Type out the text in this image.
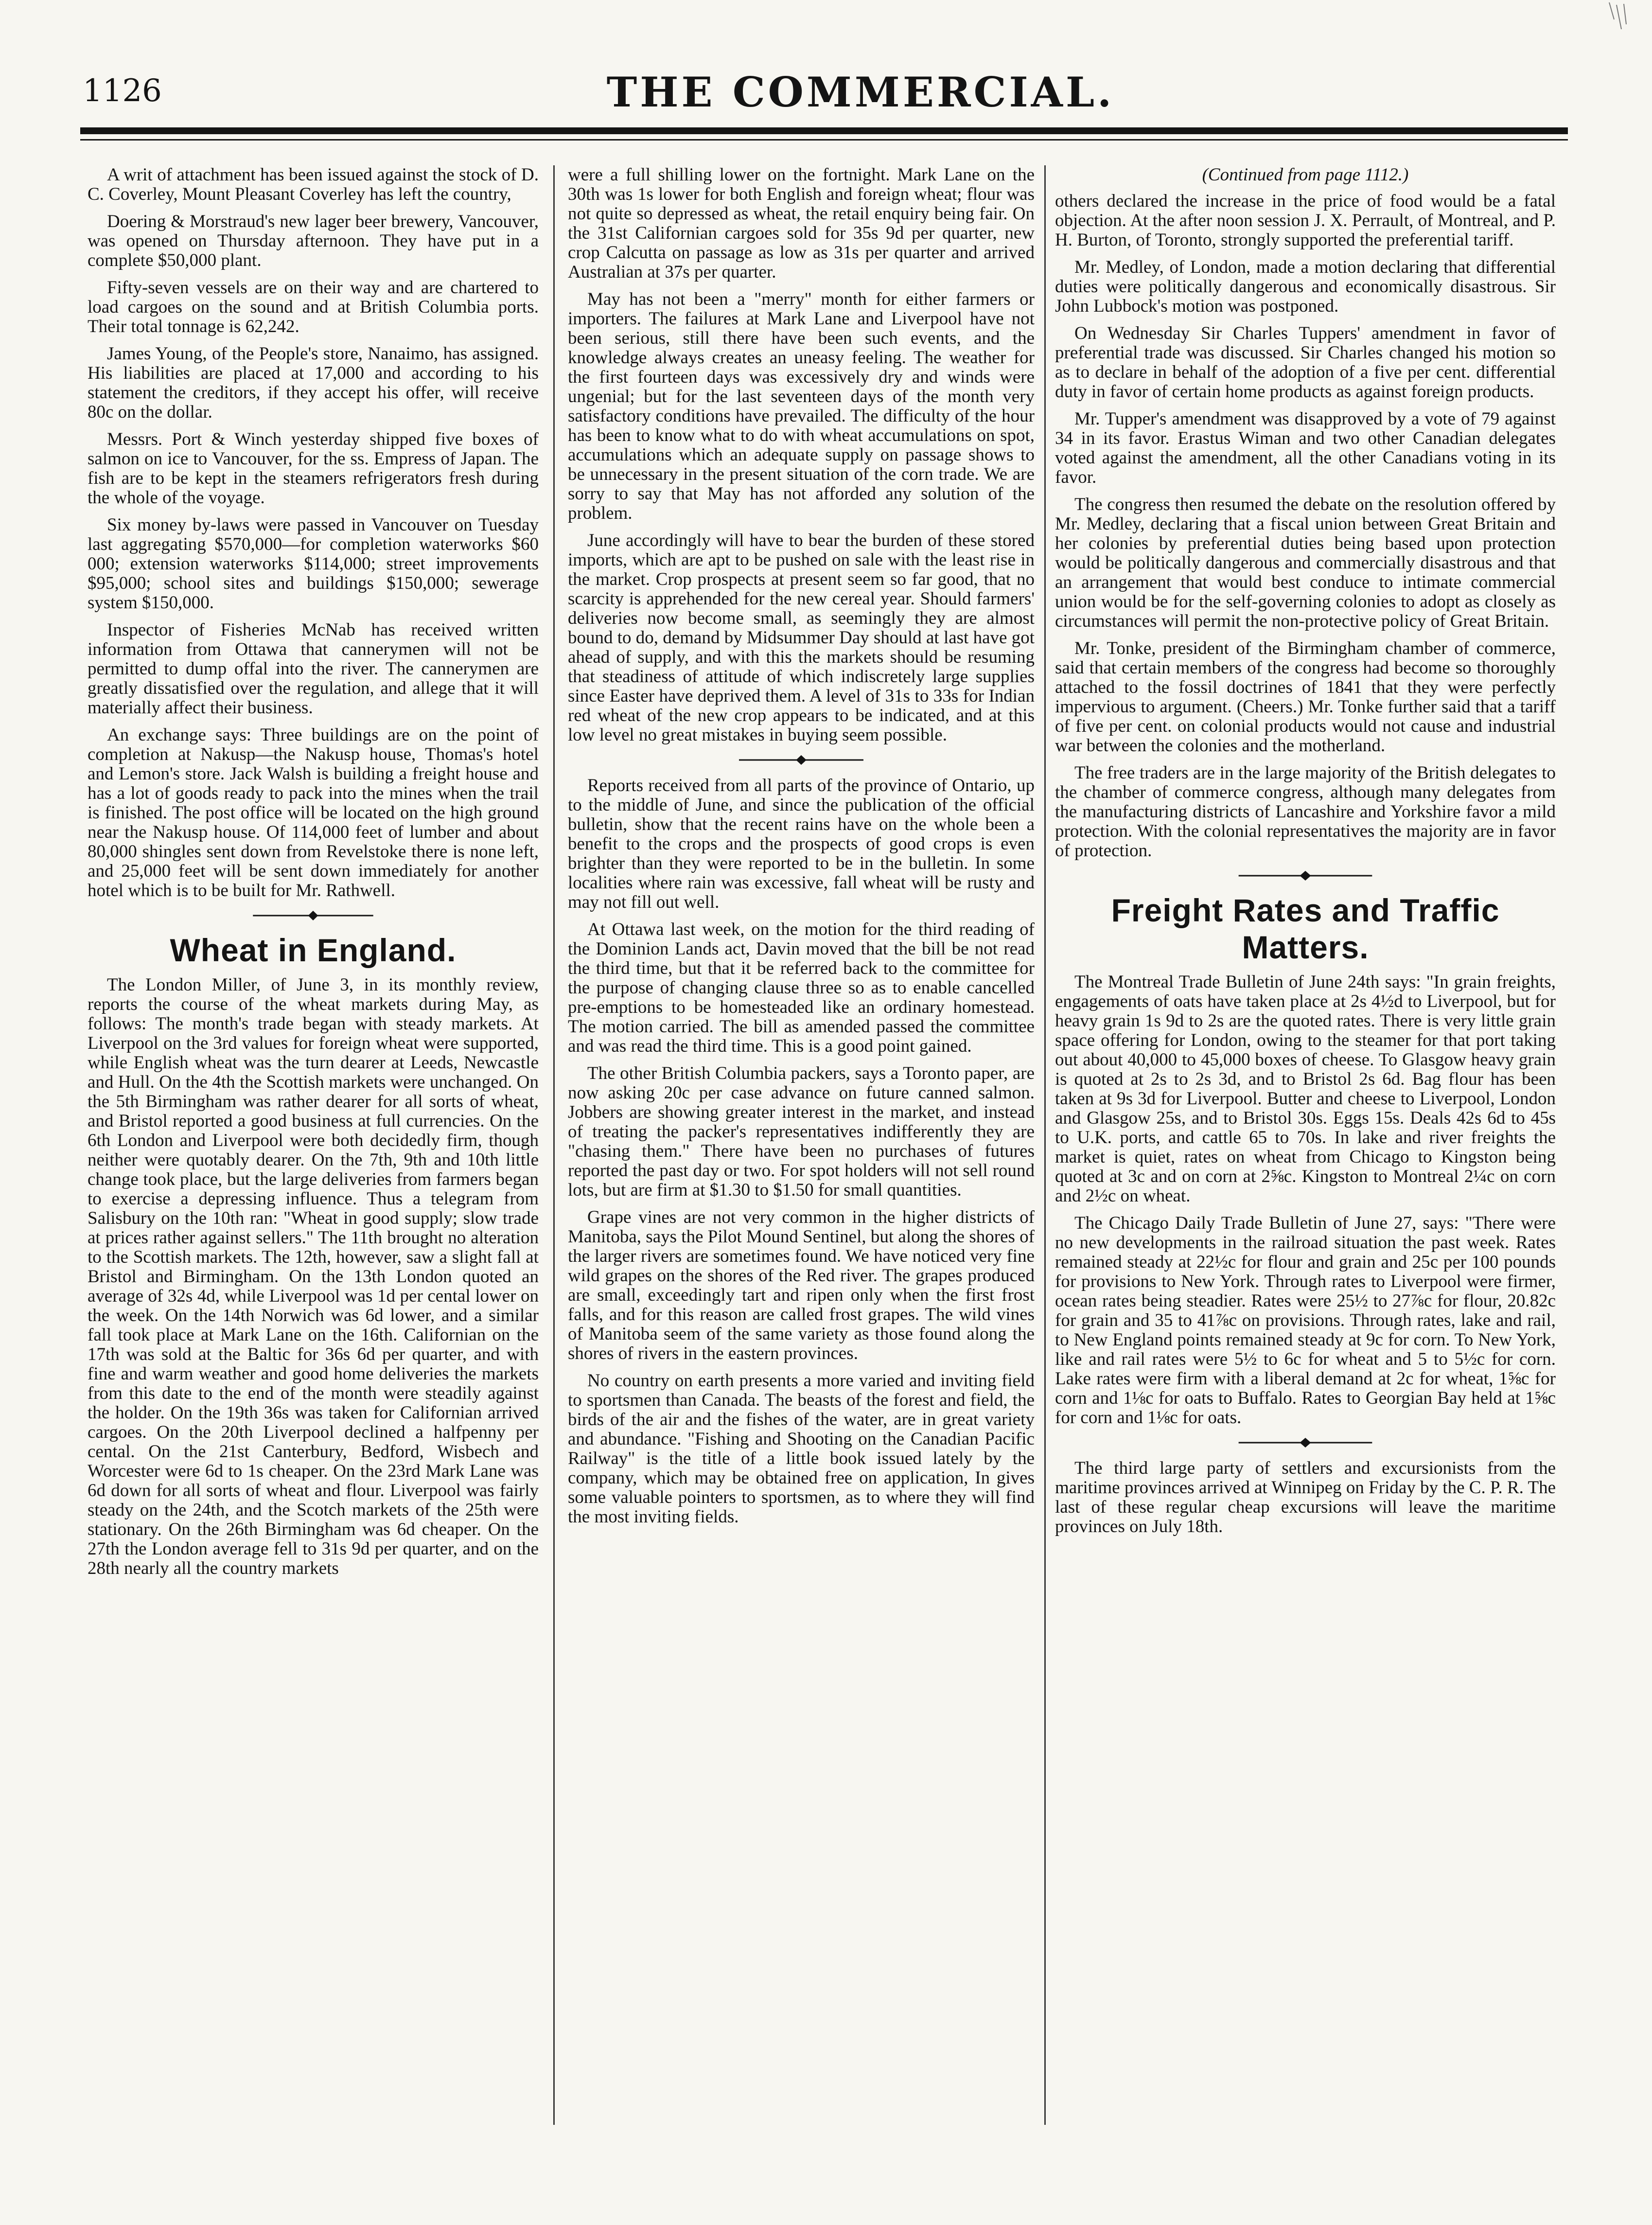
1126	THE COMMERCIAL.

A writ of attachment has been issued against the stock of D. C. Coverley, Mount Pleasant Coverley has left the country,

Doering & Morstraud's new lager beer brewery, Vancouver, was opened on Thursday afternoon. They have put in a complete $50,000 plant.

Fifty-seven vessels are on their way and are chartered to load cargoes on the sound and at British Columbia ports. Their total tonnage is 62,242.

James Young, of the People's store, Nanaimo, has assigned. His liabilities are placed at 17,000 and according to his statement the creditors, if they accept his offer, will receive 80c on the dollar.

Messrs. Port & Winch yesterday shipped five boxes of salmon on ice to Vancouver, for the ss. Empress of Japan. The fish are to be kept in the steamers refrigerators fresh during the whole of the voyage.

Six money by-laws were passed in Vancouver on Tuesday last aggregating $570,000—for completion waterworks $60 000; extension waterworks $114,000; street improvements $95,000; school sites and buildings $150,000; sewerage system $150,000.

Inspector of Fisheries McNab has received written information from Ottawa that cannerymen will not be permitted to dump offal into the river. The cannerymen are greatly dissatisfied over the regulation, and allege that it will materially affect their business.

An exchange says: Three buildings are on the point of completion at Nakusp—the Nakusp house, Thomas's hotel and Lemon's store. Jack Walsh is building a freight house and has a lot of goods ready to pack into the mines when the trail is finished. The post office will be located on the high ground near the Nakusp house. Of 114,000 feet of lumber and about 80,000 shingles sent down from Revelstoke there is none left, and 25,000 feet will be sent down immediately for another hotel which is to be built for Mr. Rathwell.

Wheat in England.

The London Miller, of June 3, in its monthly review, reports the course of the wheat markets during May, as follows: The month's trade began with steady markets. At Liverpool on the 3rd values for foreign wheat were supported, while English wheat was the turn dearer at Leeds, Newcastle and Hull. On the 4th the Scottish markets were unchanged. On the 5th Birmingham was rather dearer for all sorts of wheat, and Bristol reported a good business at full currencies. On the 6th London and Liverpool were both decidedly firm, though neither were quotably dearer. On the 7th, 9th and 10th little change took place, but the large deliveries from farmers began to exercise a depressing influence. Thus a telegram from Salisbury on the 10th ran: "Wheat in good supply; slow trade at prices rather against sellers." The 11th brought no alteration to the Scottish markets. The 12th, however, saw a slight fall at Bristol and Birmingham. On the 13th London quoted an average of 32s 4d, while Liverpool was 1d per cental lower on the week. On the 14th Norwich was 6d lower, and a similar fall took place at Mark Lane on the 16th. Californian on the 17th was sold at the Baltic for 36s 6d per quarter, and with fine and warm weather and good home deliveries the markets from this date to the end of the month were steadily against the holder. On the 19th 36s was taken for Californian arrived cargoes. On the 20th Liverpool declined a halfpenny per cental. On the 21st Canterbury, Bedford, Wisbech and Worcester were 6d to 1s cheaper. On the 23rd Mark Lane was 6d down for all sorts of wheat and flour. Liverpool was fairly steady on the 24th, and the Scotch markets of the 25th were stationary. On the 26th Birmingham was 6d cheaper. On the 27th the London average fell to 31s 9d per quarter, and on the 28th nearly all the country markets

were a full shilling lower on the fortnight. Mark Lane on the 30th was 1s lower for both English and foreign wheat; flour was not quite so depressed as wheat, the retail enquiry being fair. On the 31st Californian cargoes sold for 35s 9d per quarter, new crop Calcutta on passage as low as 31s per quarter and arrived Australian at 37s per quarter.

May has not been a "merry" month for either farmers or importers. The failures at Mark Lane and Liverpool have not been serious, still there have been such events, and the knowledge always creates an uneasy feeling. The weather for the first fourteen days was excessively dry and winds were ungenial; but for the last seventeen days of the month very satisfactory conditions have prevailed. The difficulty of the hour has been to know what to do with wheat accumulations on spot, accumulations which an adequate supply on passage shows to be unnecessary in the present situation of the corn trade. We are sorry to say that May has not afforded any solution of the problem.

June accordingly will have to bear the burden of these stored imports, which are apt to be pushed on sale with the least rise in the market. Crop prospects at present seem so far good, that no scarcity is apprehended for the new cereal year. Should farmers' deliveries now become small, as seemingly they are almost bound to do, demand by Midsummer Day should at last have got ahead of supply, and with this the markets should be resuming that steadiness of attitude of which indiscretely large supplies since Easter have deprived them. A level of 31s to 33s for Indian red wheat of the new crop appears to be indicated, and at this low level no great mistakes in buying seem possible.

Reports received from all parts of the province of Ontario, up to the middle of June, and since the publication of the official bulletin, show that the recent rains have on the whole been a benefit to the crops and the prospects of good crops is even brighter than they were reported to be in the bulletin. In some localities where rain was excessive, fall wheat will be rusty and may not fill out well.

At Ottawa last week, on the motion for the third reading of the Dominion Lands act, Davin moved that the bill be not read the third time, but that it be referred back to the committee for the purpose of changing clause three so as to enable cancelled pre-emptions to be homesteaded like an ordinary homestead. The motion carried. The bill as amended passed the committee and was read the third time. This is a good point gained.

The other British Columbia packers, says a Toronto paper, are now asking 20c per case advance on future canned salmon. Jobbers are showing greater interest in the market, and instead of treating the packer's representatives indifferently they are "chasing them." There have been no purchases of futures reported the past day or two. For spot holders will not sell round lots, but are firm at $1.30 to $1.50 for small quantities.

Grape vines are not very common in the higher districts of Manitoba, says the Pilot Mound Sentinel, but along the shores of the larger rivers are sometimes found. We have noticed very fine wild grapes on the shores of the Red river. The grapes produced are small, exceedingly tart and ripen only when the first frost falls, and for this reason are called frost grapes. The wild vines of Manitoba seem of the same variety as those found along the shores of rivers in the eastern provinces.

No country on earth presents a more varied and inviting field to sportsmen than Canada. The beasts of the forest and field, the birds of the air and the fishes of the water, are in great variety and abundance. "Fishing and Shooting on the Canadian Pacific Railway" is the title of a little book issued lately by the company, which may be obtained free on application, In gives some valuable pointers to sportsmen, as to where they will find the most inviting fields.

(Continued from page 1112.)

others declared the increase in the price of food would be a fatal objection. At the after noon session J. X. Perrault, of Montreal, and P. H. Burton, of Toronto, strongly supported the preferential tariff.

Mr. Medley, of London, made a motion declaring that differential duties were politically dangerous and economically disastrous. Sir John Lubbock's motion was postponed.

On Wednesday Sir Charles Tuppers' amendment in favor of preferential trade was discussed. Sir Charles changed his motion so as to declare in behalf of the adoption of a five per cent. differential duty in favor of certain home products as against foreign products.

Mr. Tupper's amendment was disapproved by a vote of 79 against 34 in its favor. Erastus Wiman and two other Canadian delegates voted against the amendment, all the other Canadians voting in its favor.

The congress then resumed the debate on the resolution offered by Mr. Medley, declaring that a fiscal union between Great Britain and her colonies by preferential duties being based upon protection would be politically dangerous and commercially disastrous and that an arrangement that would best conduce to intimate commercial union would be for the self-governing colonies to adopt as closely as circumstances will permit the non-protective policy of Great Britain.

Mr. Tonke, president of the Birmingham chamber of commerce, said that certain members of the congress had become so thoroughly attached to the fossil doctrines of 1841 that they were perfectly impervious to argument. (Cheers.) Mr. Tonke further said that a tariff of five per cent. on colonial products would not cause and industrial war between the colonies and the motherland.

The free traders are in the large majority of the British delegates to the chamber of commerce congress, although many delegates from the manufacturing districts of Lancashire and Yorkshire favor a mild protection. With the colonial representatives the majority are in favor of protection.

Freight Rates and Traffic Matters.

The Montreal Trade Bulletin of June 24th says: "In grain freights, engagements of oats have taken place at 2s 4½d to Liverpool, but for heavy grain 1s 9d to 2s are the quoted rates. There is very little grain space offering for London, owing to the steamer for that port taking out about 40,000 to 45,000 boxes of cheese. To Glasgow heavy grain is quoted at 2s to 2s 3d, and to Bristol 2s 6d. Bag flour has been taken at 9s 3d for Liverpool. Butter and cheese to Liverpool, London and Glasgow 25s, and to Bristol 30s. Eggs 15s. Deals 42s 6d to 45s to U.K. ports, and cattle 65 to 70s. In lake and river freights the market is quiet, rates on wheat from Chicago to Kingston being quoted at 3c and on corn at 2⅝c. Kingston to Montreal 2¼c on corn and 2½c on wheat.

The Chicago Daily Trade Bulletin of June 27, says: "There were no new developments in the railroad situation the past week. Rates remained steady at 22½c for flour and grain and 25c per 100 pounds for provisions to New York. Through rates to Liverpool were firmer, ocean rates being steadier. Rates were 25½ to 27⅞c for flour, 20.82c for grain and 35 to 41⅞c on provisions. Through rates, lake and rail, to New England points remained steady at 9c for corn. To New York, like and rail rates were 5½ to 6c for wheat and 5 to 5½c for corn. Lake rates were firm with a liberal demand at 2c for wheat, 1⅝c for corn and 1⅛c for oats to Buffalo. Rates to Georgian Bay held at 1⅝c for corn and 1⅛c for oats.

The third large party of settlers and excursionists from the maritime provinces arrived at Winnipeg on Friday by the C. P. R. The last of these regular cheap excursions will leave the maritime provinces on July 18th.
